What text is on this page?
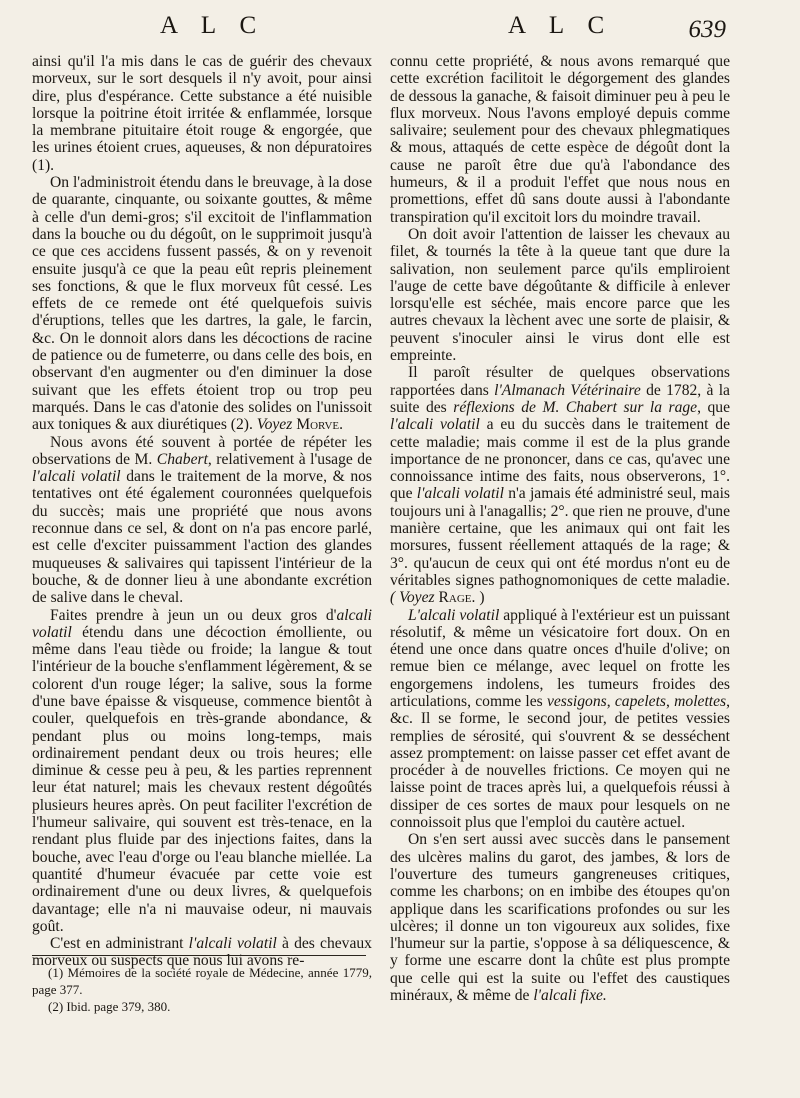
A L C	A L C	639

ainsi qu'il l'a mis dans le cas de guérir des chevaux morveux, sur le sort desquels il n'y avoit, pour ainsi dire, plus d'espérance. Cette substance a été nuisible lorsque la poitrine étoit irritée & enflammée, lorsque la membrane pituitaire étoit rouge & engorgée, que les urines étoient crues, aqueuses, & non dépuratoires (1).

On l'administroit étendu dans le breuvage, à la dose de quarante, cinquante, ou soixante gouttes, & même à celle d'un demi-gros; s'il excitoit de l'inflammation dans la bouche ou du dégoût, on le supprimoit jusqu'à ce que ces accidens fussent passés, & on y revenoit ensuite jusqu'à ce que la peau eût repris pleinement ses fonctions, & que le flux morveux fût cessé. Les effets de ce remede ont été quelquefois suivis d'éruptions, telles que les dartres, la gale, le farcin, &c. On le donnoit alors dans les décoctions de racine de patience ou de fumeterre, ou dans celle des bois, en observant d'en augmenter ou d'en diminuer la dose suivant que les effets étoient trop ou trop peu marqués. Dans le cas d'atonie des solides on l'unissoit aux toniques & aux diurétiques (2). Voyez Morve.

Nous avons été souvent à portée de répéter les observations de M. Chabert, relativement à l'usage de l'alcali volatil dans le traitement de la morve, & nos tentatives ont été également couronnées quelquefois du succès; mais une propriété que nous avons reconnue dans ce sel, & dont on n'a pas encore parlé, est celle d'exciter puissamment l'action des glandes muqueuses & salivaires qui tapissent l'intérieur de la bouche, & de donner lieu à une abondante excrétion de salive dans le cheval.

Faites prendre à jeun un ou deux gros d'alcali volatil étendu dans une décoction émolliente, ou même dans l'eau tiède ou froide; la langue & tout l'intérieur de la bouche s'enflamment légèrement, & se colorent d'un rouge léger; la salive, sous la forme d'une bave épaisse & visqueuse, commence bientôt à couler, quelquefois en très-grande abondance, & pendant plus ou moins long-temps, mais ordinairement pendant deux ou trois heures; elle diminue & cesse peu à peu, & les parties reprennent leur état naturel; mais les chevaux restent dégoûtés plusieurs heures après. On peut faciliter l'excrétion de l'humeur salivaire, qui souvent est très-tenace, en la rendant plus fluide par des injections faites, dans la bouche, avec l'eau d'orge ou l'eau blanche miellée. La quantité d'humeur évacuée par cette voie est ordinairement d'une ou deux livres, & quelquefois davantage; elle n'a ni mauvaise odeur, ni mauvais goût.

C'est en administrant l'alcali volatil à des chevaux morveux ou suspects que nous lui avons re-

(1) Mémoires de la société royale de Médecine, année 1779, page 377.
(2) Ibid. page 379, 380.

connu cette propriété, & nous avons remarqué que cette excrétion facilitoit le dégorgement des glandes de dessous la ganache, & faisoit diminuer peu à peu le flux morveux. Nous l'avons employé depuis comme salivaire; seulement pour des chevaux phlegmatiques & mous, attaqués de cette espèce de dégoût dont la cause ne paroît être due qu'à l'abondance des humeurs, & il a produit l'effet que nous nous en promettions, effet dû sans doute aussi à l'abondante transpiration qu'il excitoit lors du moindre travail.

On doit avoir l'attention de laisser les chevaux au filet, & tournés la tête à la queue tant que dure la salivation, non seulement parce qu'ils empliroient l'auge de cette bave dégoûtante & difficile à enlever lorsqu'elle est séchée, mais encore parce que les autres chevaux la lèchent avec une sorte de plaisir, & peuvent s'inoculer ainsi le virus dont elle est empreinte.

Il paroît résulter de quelques observations rapportées dans l'Almanach Vétérinaire de 1782, à la suite des réflexions de M. Chabert sur la rage, que l'alcali volatil a eu du succès dans le traitement de cette maladie; mais comme il est de la plus grande importance de ne prononcer, dans ce cas, qu'avec une connoissance intime des faits, nous observerons, 1°. que l'alcali volatil n'a jamais été administré seul, mais toujours uni à l'anagallis; 2°. que rien ne prouve, d'une manière certaine, que les animaux qui ont fait les morsures, fussent réellement attaqués de la rage; & 3°. qu'aucun de ceux qui ont été mordus n'ont eu de véritables signes pathognomoniques de cette maladie. ( Voyez Rage. )

L'alcali volatil appliqué à l'extérieur est un puissant résolutif, & même un vésicatoire fort doux. On en étend une once dans quatre onces d'huile d'olive; on remue bien ce mélange, avec lequel on frotte les engorgemens indolens, les tumeurs froides des articulations, comme les vessigons, capelets, molettes, &c. Il se forme, le second jour, de petites vessies remplies de sérosité, qui s'ouvrent & se desséchent assez promptement: on laisse passer cet effet avant de procéder à de nouvelles frictions. Ce moyen qui ne laisse point de traces après lui, a quelquefois réussi à dissiper de ces sortes de maux pour lesquels on ne connoissoit plus que l'emploi du cautère actuel.

On s'en sert aussi avec succès dans le pansement des ulcères malins du garot, des jambes, & lors de l'ouverture des tumeurs gangreneuses critiques, comme les charbons; on en imbibe des étoupes qu'on applique dans les scarifications profondes ou sur les ulcères; il donne un ton vigoureux aux solides, fixe l'humeur sur la partie, s'oppose à sa déliquescence, & y forme une escarre dont la chûte est plus prompte que celle qui est la suite ou l'effet des caustiques minéraux, & même de l'alcali fixe.
